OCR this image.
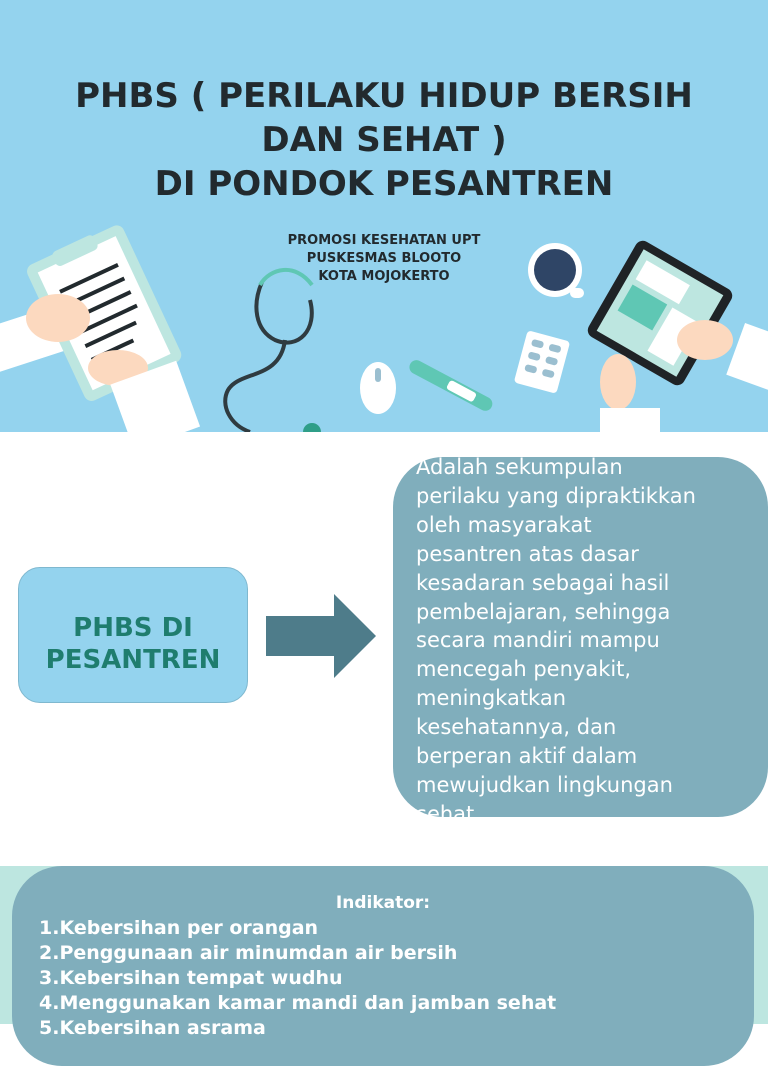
PHBS ( PERILAKU HIDUP BERSIH
DAN SEHAT )
DI PONDOK PESANTREN
PROMOSI KESEHATAN UPT
PUSKESMAS BLOOTO
KOTA MOJOKERTO
PHBS DI
PESANTREN
Adalah sekumpulan
perilaku yang dipraktikkan
oleh masyarakat
pesantren atas dasar
kesadaran sebagai hasil
pembelajaran, sehingga
secara mandiri mampu
mencegah penyakit,
meningkatkan
kesehatannya, dan
berperan aktif dalam
mewujudkan lingkungan
sehat
Indikator:
1.Kebersihan per orangan
2.Penggunaan air minumdan air bersih
3.Kebersihan tempat wudhu
4.Menggunakan kamar mandi dan jamban sehat
5.Kebersihan asrama
